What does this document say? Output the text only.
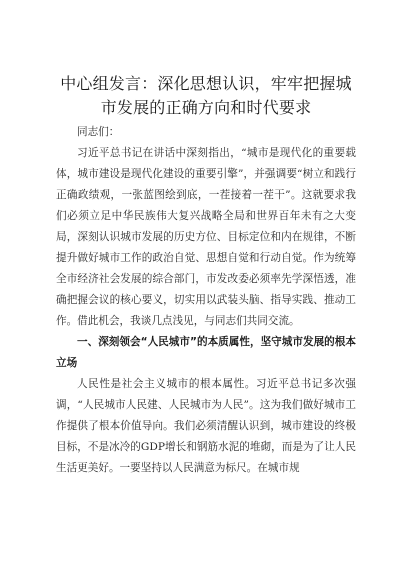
中心组发言：深化思想认识，牢牢把握城市发展的正确方向和时代要求

同志们：

习近平总书记在讲话中深刻指出，“城市是现代化的重要载体，城市建设是现代化建设的重要引擎”，并强调要“树立和践行正确政绩观，一张蓝图绘到底，一茬接着一茬干”。这就要求我们必须立足中华民族伟大复兴战略全局和世界百年未有之大变局，深刻认识城市发展的历史方位、目标定位和内在规律，不断提升做好城市工作的政治自觉、思想自觉和行动自觉。作为统筹全市经济社会发展的综合部门，市发改委必须率先学深悟透，准确把握会议的核心要义，切实用以武装头脑、指导实践、推动工作。借此机会，我谈几点浅见，与同志们共同交流。

一、深刻领会“人民城市”的本质属性，坚守城市发展的根本立场

人民性是社会主义城市的根本属性。习近平总书记多次强调，“人民城市人民建、人民城市为人民”。这为我们做好城市工作提供了根本价值导向。我们必须清醒认识到，城市建设的终极目标，不是冰冷的GDP增长和钢筋水泥的堆砌，而是为了让人民生活更美好。一要坚持以人民满意为标尺。在城市规
